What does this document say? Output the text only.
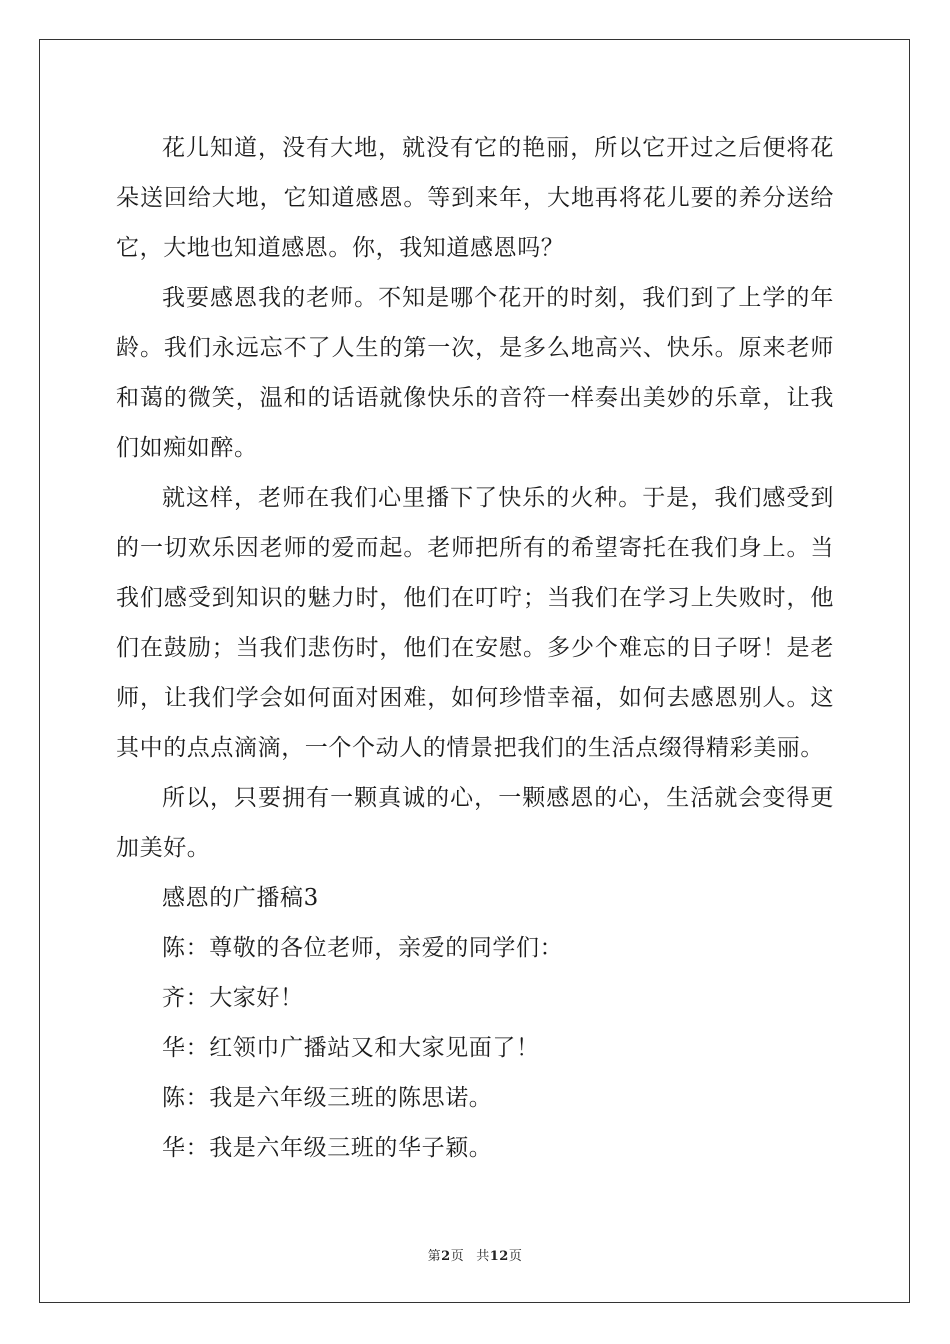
花儿知道，没有大地，就没有它的艳丽，所以它开过之后便将花朵送回给大地，它知道感恩。等到来年，大地再将花儿要的养分送给它，大地也知道感恩。你，我知道感恩吗？

我要感恩我的老师。不知是哪个花开的时刻，我们到了上学的年龄。我们永远忘不了人生的第一次，是多么地高兴、快乐。原来老师和蔼的微笑，温和的话语就像快乐的音符一样奏出美妙的乐章，让我们如痴如醉。

就这样，老师在我们心里播下了快乐的火种。于是，我们感受到的一切欢乐因老师的爱而起。老师把所有的希望寄托在我们身上。当我们感受到知识的魅力时，他们在叮咛；当我们在学习上失败时，他们在鼓励；当我们悲伤时，他们在安慰。多少个难忘的日子呀！是老师，让我们学会如何面对困难，如何珍惜幸福，如何去感恩别人。这其中的点点滴滴，一个个动人的情景把我们的生活点缀得精彩美丽。

所以，只要拥有一颗真诚的心，一颗感恩的心，生活就会变得更加美好。

感恩的广播稿3

陈：尊敬的各位老师，亲爱的同学们：

齐：大家好！

华：红领巾广播站又和大家见面了！

陈：我是六年级三班的陈思诺。

华：我是六年级三班的华子颖。

第2页 共12页
